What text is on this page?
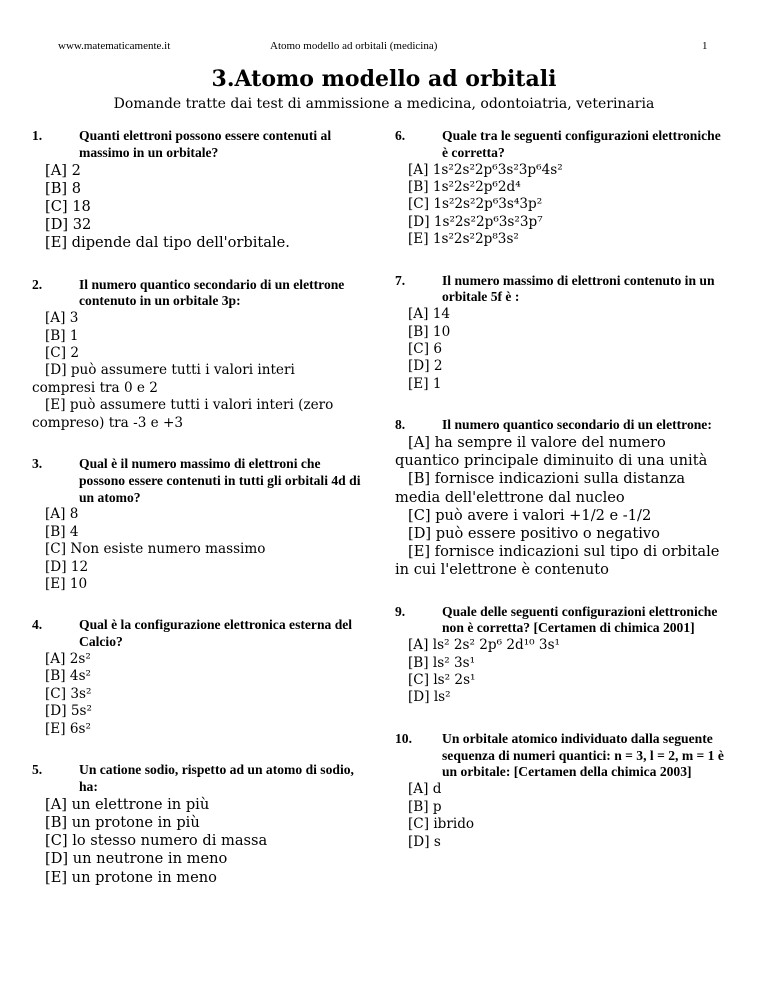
www.matematicamente.it	Atomo modello ad orbitali (medicina)	1
3.Atomo modello ad orbitali
Domande tratte dai test di ammissione a medicina, odontoiatria, veterinaria
1.	Quanti elettroni possono essere contenuti al massimo in un orbitale?
[A] 2
[B] 8
[C] 18
[D] 32
[E] dipende dal tipo dell'orbitale.
2.	Il numero quantico secondario di un elettrone contenuto in un orbitale 3p:
[A] 3
[B] 1
[C] 2
[D] può assumere tutti i valori interi compresi tra 0 e 2
[E] può assumere tutti i valori interi (zero compreso) tra -3 e +3
3.	Qual è il numero massimo di elettroni che possono essere contenuti in tutti gli orbitali 4d di un atomo?
[A] 8
[B] 4
[C] Non esiste numero massimo
[D] 12
[E] 10
4.	Qual è la configurazione elettronica esterna del Calcio?
[A] 2s²
[B] 4s²
[C] 3s²
[D] 5s²
[E] 6s²
5.	Un catione sodio, rispetto ad un atomo di sodio, ha:
[A] un elettrone in più
[B] un protone in più
[C] lo stesso numero di massa
[D] un neutrone in meno
[E] un protone in meno
6.	Quale tra le seguenti configurazioni elettroniche è corretta?
[A] 1s²2s²2p⁶3s²3p⁶4s²
[B] 1s²2s²2p⁶2d⁴
[C] 1s²2s²2p⁶3s⁴3p²
[D] 1s²2s²2p⁶3s²3p⁷
[E] 1s²2s²2p⁸3s²
7.	Il numero massimo di elettroni contenuto in un orbitale 5f è :
[A] 14
[B] 10
[C] 6
[D] 2
[E] 1
8.	Il numero quantico secondario di un elettrone:
[A] ha sempre il valore del numero quantico principale diminuito di una unità
[B] fornisce indicazioni sulla distanza media dell'elettrone dal nucleo
[C] può avere i valori +1/2 e -1/2
[D] può essere positivo o negativo
[E] fornisce indicazioni sul tipo di orbitale in cui l'elettrone è contenuto
9.	Quale delle seguenti configurazioni elettroniche non è corretta? [Certamen di chimica 2001]
[A] ls² 2s² 2p⁶ 2d¹⁰ 3s¹
[B] ls² 3s¹
[C] ls² 2s¹
[D] ls²
10. Un orbitale atomico individuato dalla seguente sequenza di numeri quantici: n = 3, l = 2, m = 1 è un orbitale: [Certamen della chimica 2003]
[A] d
[B] p
[C] ibrido
[D] s
